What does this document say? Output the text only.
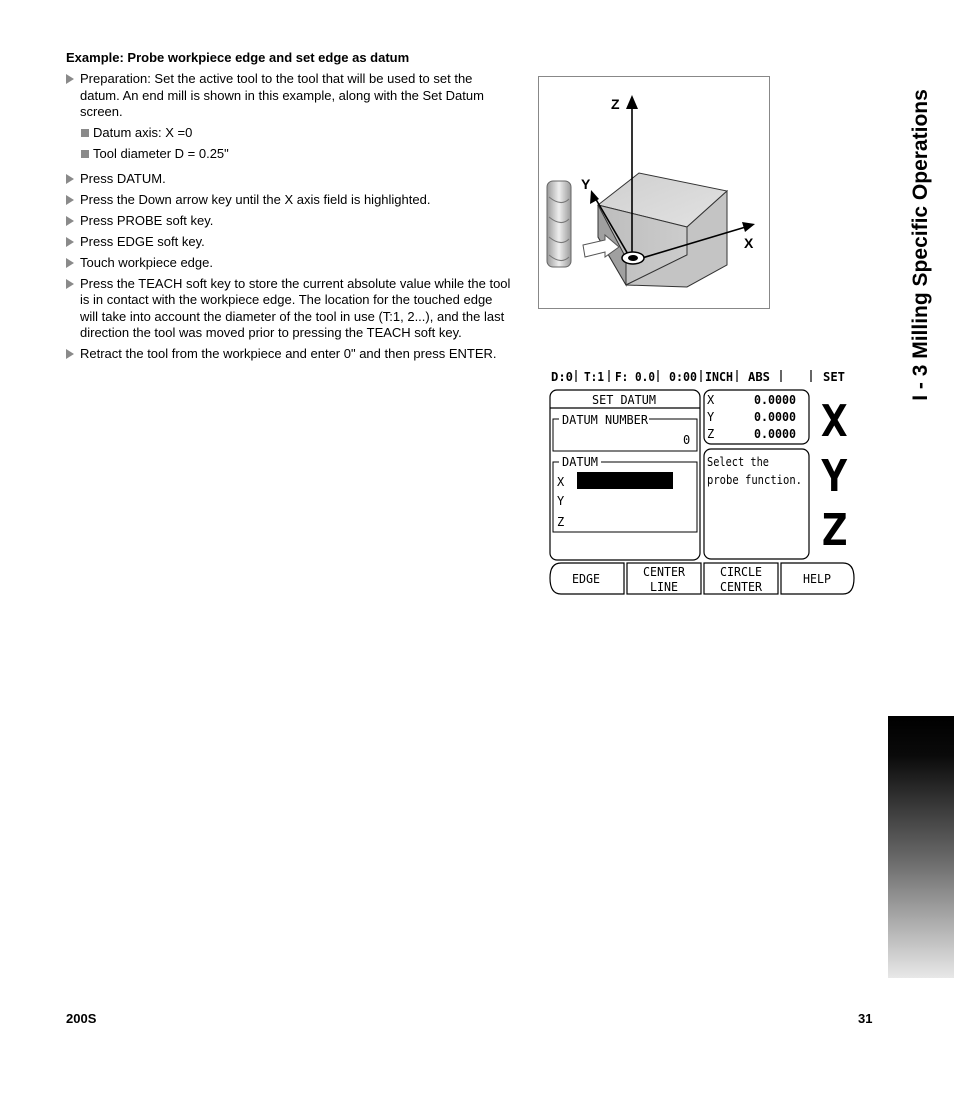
Example: Probe workpiece edge and set edge as datum
Preparation: Set the active tool to the tool that will be used to set the datum. An end mill is shown in this example, along with the Set Datum screen.
Datum axis: X =0
Tool diameter D = 0.25"
Press DATUM.
Press the Down arrow key until the X axis field is highlighted.
Press PROBE soft key.
Press EDGE soft key.
Touch workpiece edge.
Press the TEACH soft key to store the current absolute value while the tool is in contact with the workpiece edge. The location for the touched edge will take into account the diameter of the tool in use (T:1, 2...), and the last direction the tool was moved prior to pressing the TEACH soft key.
Retract the tool from the workpiece and enter 0" and then press ENTER.
Z
Y
X
D:0 T:1 F: 0.0 0:00 INCH ABS	SET
SET DATUM
DATUM NUMBER
0
DATUM
X
Y
Z
X	0.0000
Y	0.0000
Z	0.0000
Select the
probe function.
X
Y
Z
EDGE	CENTER
LINE
CIRCLE
CENTER
HELP
I - 3 Milling Specific Operations
200S	31
